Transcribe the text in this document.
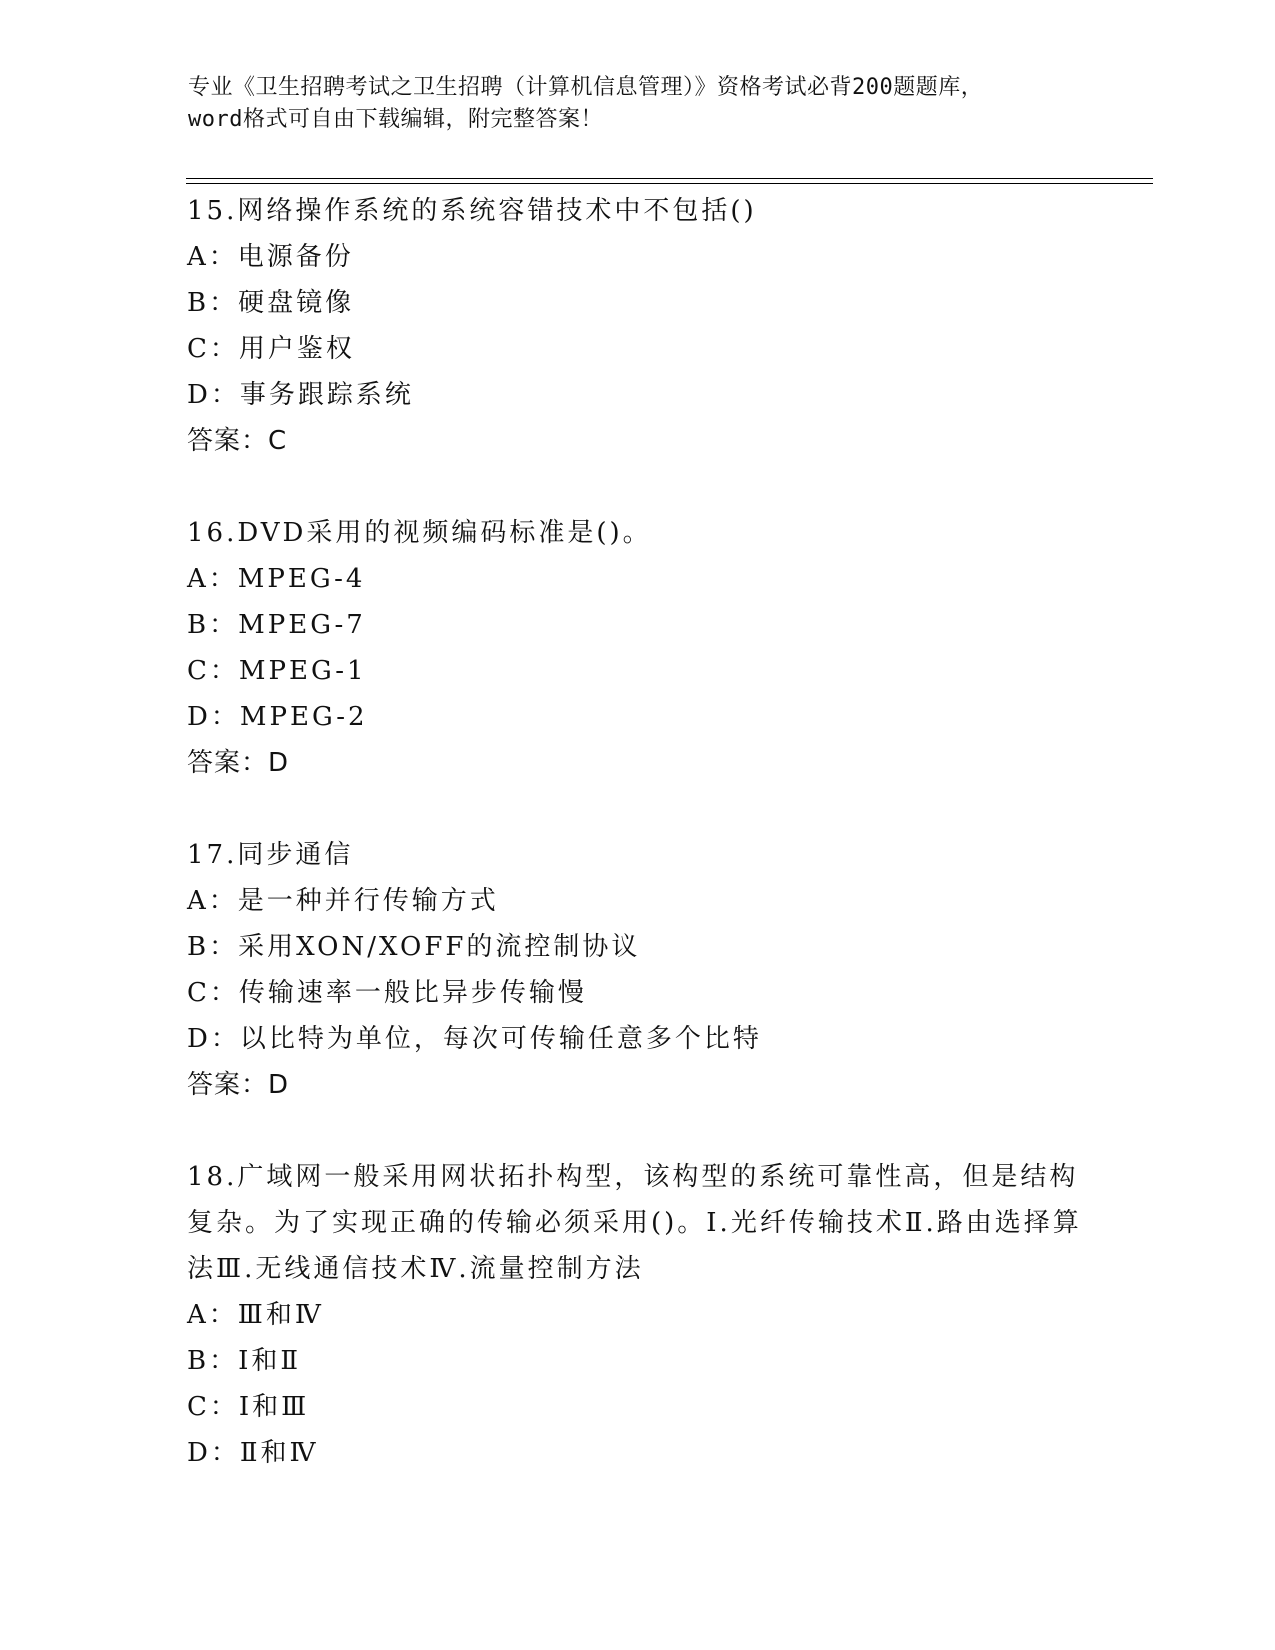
专业《卫生招聘考试之卫生招聘（计算机信息管理）》资格考试必背200题题库，
word格式可自由下载编辑，附完整答案！

15.网络操作系统的系统容错技术中不包括()

A：电源备份
B：硬盘镜像
C：用户鉴权
D：事务跟踪系统
答案：C

16.DVD采用的视频编码标准是()。

A：MPEG-4
B：MPEG-7
C：MPEG-1
D：MPEG-2
答案：D

17.同步通信

A：是一种并行传输方式
B：采用XON/XOFF的流控制协议
C：传输速率一般比异步传输慢
D：以比特为单位，每次可传输任意多个比特
答案：D

18.广域网一般采用网状拓扑构型，该构型的系统可靠性高，但是结构复杂。为了实现正确的传输必须采用()。Ⅰ.光纤传输技术Ⅱ.路由选择算法Ⅲ.无线通信技术Ⅳ.流量控制方法

A：Ⅲ和Ⅳ
B：Ⅰ和Ⅱ
C：Ⅰ和Ⅲ
D：Ⅱ和Ⅳ
